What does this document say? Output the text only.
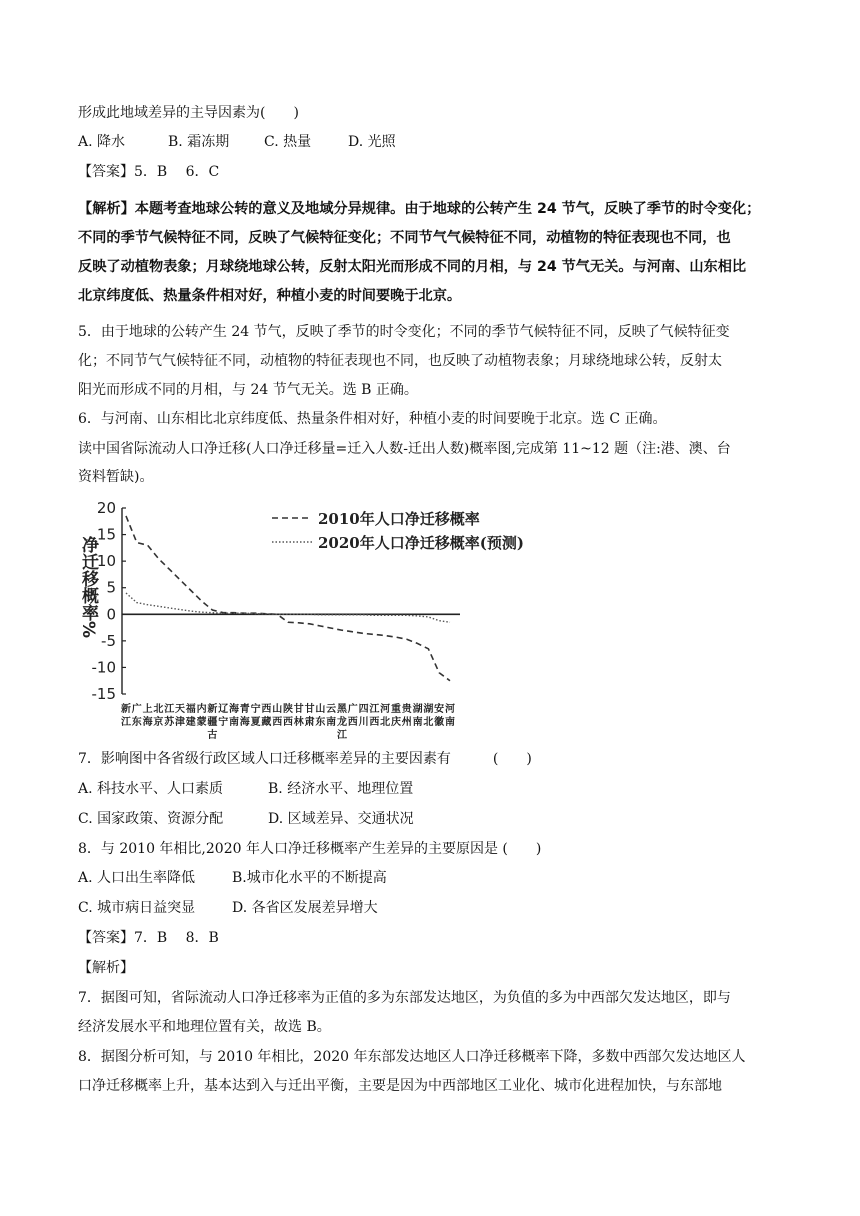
形成此地域差异的主导因素为(　　)
A. 降水	B. 霜冻期 C. 热量	D. 光照
【答案】5．B　 6．C
【解析】本题考查地球公转的意义及地域分异规律。由于地球的公转产生 24 节气，反映了季节的时令变化；
不同的季节气候特征不同，反映了气候特征变化；不同节气气候特征不同，动植物的特征表现也不同，也
反映了动植物表象；月球绕地球公转，反射太阳光而形成不同的月相，与 24 节气无关。与河南、山东相比
北京纬度低、热量条件相对好，种植小麦的时间要晚于北京。
5．由于地球的公转产生 24 节气，反映了季节的时令变化；不同的季节气候特征不同，反映了气候特征变
化；不同节气气候特征不同，动植物的特征表现也不同，也反映了动植物表象；月球绕地球公转，反射太
阳光而形成不同的月相，与 24 节气无关。选 B 正确。
6．与河南、山东相比北京纬度低、热量条件相对好，种植小麦的时间要晚于北京。选 C 正确。
读中国省际流动人口净迁移(人口净迁移量=迁入人数-迁出人数)概率图,完成第 11~12 题（注:港、澳、台
资料暂缺)。
净迁移概率%
20
15
10
5
0
-5
-10
-15
新
江
广
东
上
海
北
京
江
苏
天
津
福
建
内
蒙
新
疆
古
辽
宁
海
南
青
海
宁
夏
西
藏
山
西
陕
西
甘
林
甘
肃
山
东
云
南
黑
龙
江
广
西
四
川
江
西
河
北
重
庆
贵
州
湖
南
湖
北
安
徽
河
南
2010年人口净迁移概率
2020年人口净迁移概率(预测)
7．影响图中各省级行政区域人口迁移概率差异的主要因素有　　　(　　)
A. 科技水平、人口素质	B. 经济水平、地理位置
C. 国家政策、资源分配	D. 区域差异、交通状况
8．与 2010 年相比,2020 年人口净迁移概率产生差异的主要原因是 (　　)
A. 人口出生率降低	B.城市化水平的不断提高
C. 城市病日益突显	D. 各省区发展差异增大
【答案】7．B　 8．B
【解析】
7．据图可知，省际流动人口净迁移率为正值的多为东部发达地区，为负值的多为中西部欠发达地区，即与
经济发展水平和地理位置有关，故选 B。
8．据图分析可知，与 2010 年相比，2020 年东部发达地区人口净迁移概率下降，多数中西部欠发达地区人
口净迁移概率上升，基本达到入与迁出平衡，主要是因为中西部地区工业化、城市化进程加快，与东部地
